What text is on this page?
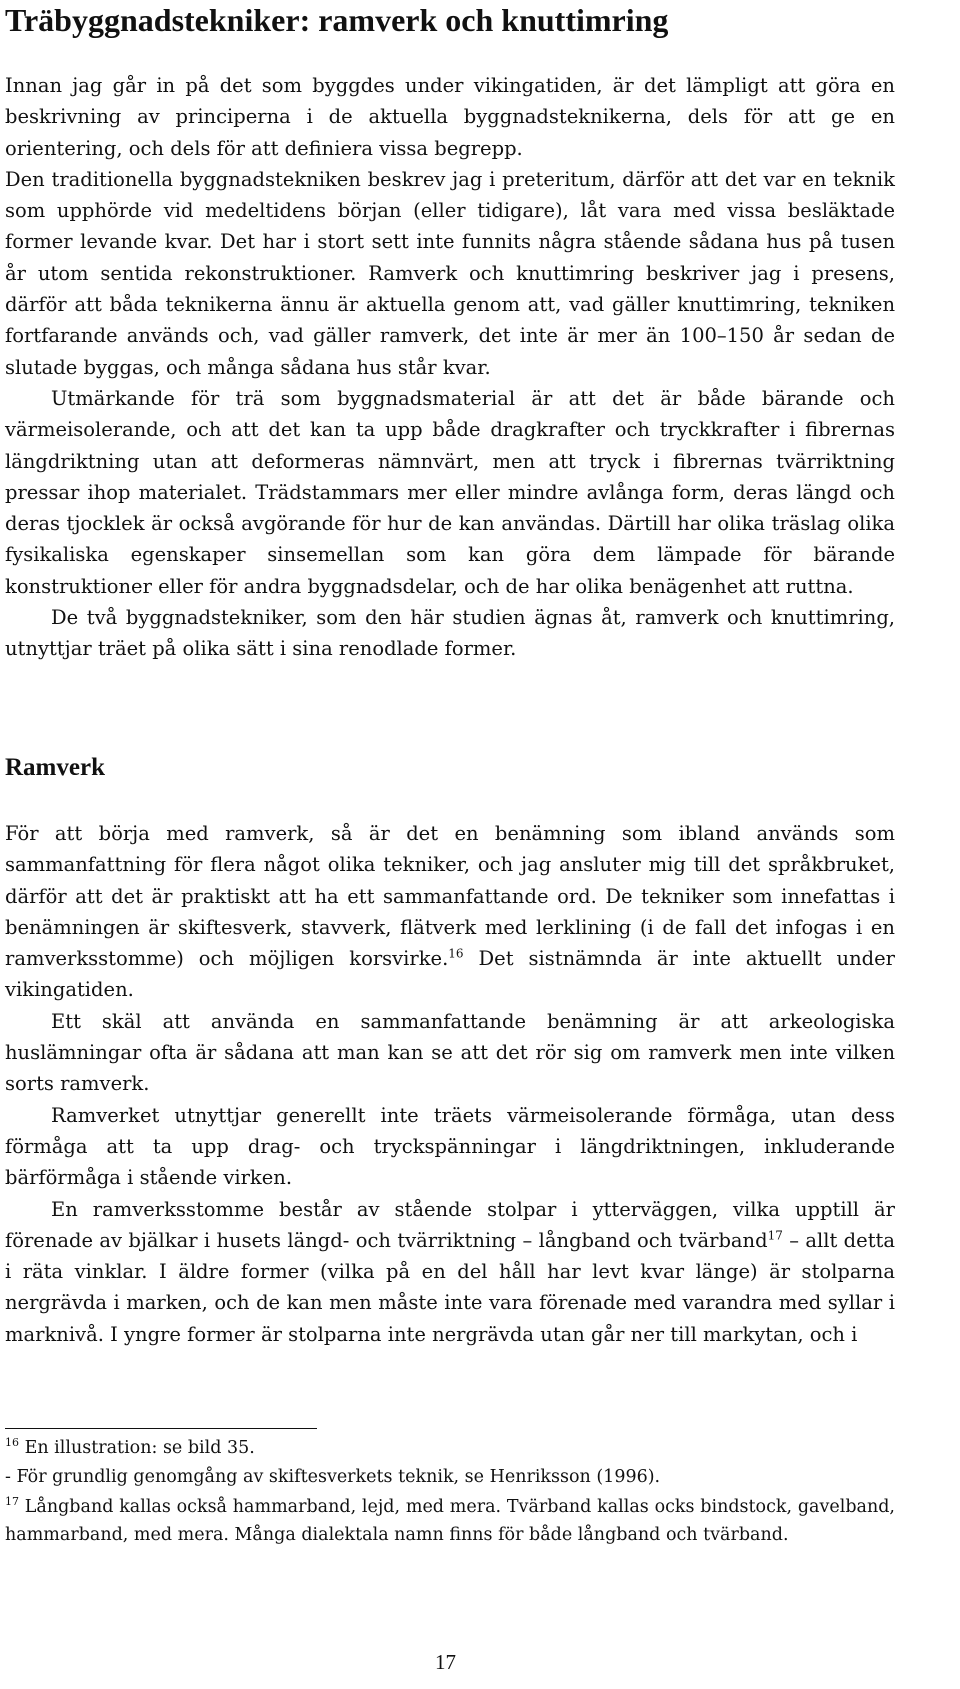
Träbyggnadstekniker: ramverk och knuttimring

Innan jag går in på det som byggdes under vikingatiden, är det lämpligt att göra en beskrivning av principerna i de aktuella byggnadsteknikerna, dels för att ge en orientering, och dels för att definiera vissa begrepp.

Den traditionella byggnadstekniken beskrev jag i preteritum, därför att det var en teknik som upphörde vid medeltidens början (eller tidigare), låt vara med vissa besläktade former levande kvar. Det har i stort sett inte funnits några stående sådana hus på tusen år utom sentida rekonstruktioner. Ramverk och knuttimring beskriver jag i presens, därför att båda teknikerna ännu är aktuella genom att, vad gäller knuttimring, tekniken fortfarande används och, vad gäller ramverk, det inte är mer än 100–150 år sedan de slutade byggas, och många sådana hus står kvar.

Utmärkande för trä som byggnadsmaterial är att det är både bärande och värmeisolerande, och att det kan ta upp både dragkrafter och tryckkrafter i fibrernas längdriktning utan att deformeras nämnvärt, men att tryck i fibrernas tvärriktning pressar ihop materialet. Trädstammars mer eller mindre avlånga form, deras längd och deras tjocklek är också avgörande för hur de kan användas. Därtill har olika träslag olika fysikaliska egenskaper sinsemellan som kan göra dem lämpade för bärande konstruktioner eller för andra byggnadsdelar, och de har olika benägenhet att ruttna.

De två byggnadstekniker, som den här studien ägnas åt, ramverk och knuttimring, utnyttjar träet på olika sätt i sina renodlade former.

Ramverk

För att börja med ramverk, så är det en benämning som ibland används som sammanfattning för flera något olika tekniker, och jag ansluter mig till det språkbruket, därför att det är praktiskt att ha ett sammanfattande ord. De tekniker som innefattas i benämningen är skiftesverk, stavverk, flätverk med lerklining (i de fall det infogas i en ramverksstomme) och möjligen korsvirke.$^{16}$ Det sistnämnda är inte aktuellt under vikingatiden.

Ett skäl att använda en sammanfattande benämning är att arkeologiska huslämningar ofta är sådana att man kan se att det rör sig om ramverk men inte vilken sorts ramverk.

Ramverket utnyttjar generellt inte träets värmeisolerande förmåga, utan dess förmåga att ta upp drag- och tryckspänningar i längdriktningen, inkluderande bärförmåga i stående virken.

En ramverksstomme består av stående stolpar i ytterväggen, vilka upptill är förenade av bjälkar i husets längd- och tvärriktning – långband och tvärband$^{17}$ – allt detta i räta vinklar. I äldre former (vilka på en del håll har levt kvar länge) är stolparna nergrävda i marken, och de kan men måste inte vara förenade med varandra med syllar i marknivå. I yngre former är stolparna inte nergrävda utan går ner till markytan, och i

$^{16}$ En illustration: se bild 35.
- För grundlig genomgång av skiftesverkets teknik, se Henriksson (1996).
$^{17}$ Långband kallas också hammarband, lejd, med mera. Tvärband kallas ocks bindstock, gavelband, hammarband, med mera. Många dialektala namn finns för både långband och tvärband.
17
